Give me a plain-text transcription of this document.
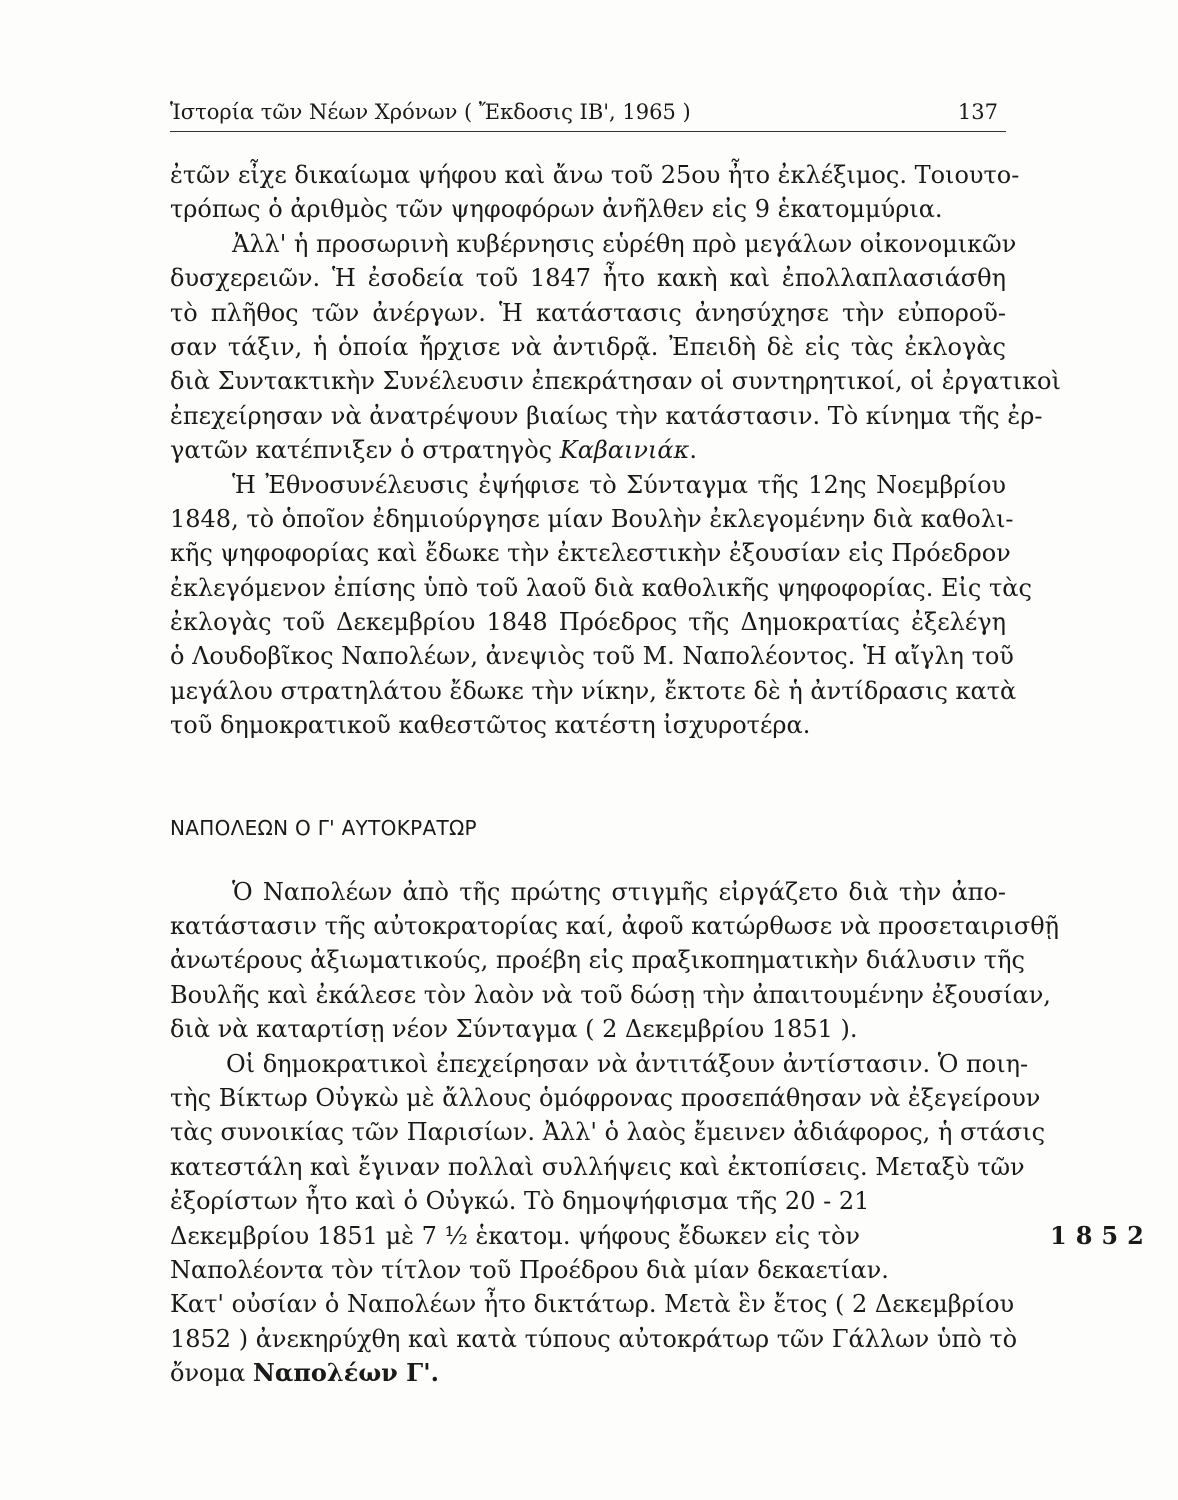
Ἱστορία τῶν Νέων Χρόνων ( Ἔκδοσις ΙΒ', 1965 )	137
ἐτῶν εἶχε δικαίωμα ψήφου καὶ ἄνω τοῦ 25ου ἦτο ἐκλέξιμος. Τοιουτο-
τρόπως ὁ ἀριθμὸς τῶν ψηφοφόρων ἀνῆλθεν εἰς 9 ἑκατομμύρια.
Ἀλλ' ἡ προσωρινὴ κυβέρνησις εὑρέθη πρὸ μεγάλων οἰκονομικῶν
δυσχερειῶν. Ἡ ἐσοδεία τοῦ 1847 ἦτο κακὴ καὶ ἐπολλαπλασιάσθη
τὸ πλῆθος τῶν ἀνέργων. Ἡ κατάστασις ἀνησύχησε τὴν εὐποροῦ-
σαν τάξιν, ἡ ὁποία ἤρχισε νὰ ἀντιδρᾷ. Ἐπειδὴ δὲ εἰς τὰς ἐκλογὰς
διὰ Συντακτικὴν Συνέλευσιν ἐπεκράτησαν οἱ συντηρητικοί, οἱ ἐργατικοὶ
ἐπεχείρησαν νὰ ἀνατρέψουν βιαίως τὴν κατάστασιν. Τὸ κίνημα τῆς ἐρ-
γατῶν κατέπνιξεν ὁ στρατηγὸς Καβαινιάκ.
Ἡ Ἐθνοσυνέλευσις ἐψήφισε τὸ Σύνταγμα τῆς 12ης Νοεμβρίου
1848, τὸ ὁποῖον ἐδημιούργησε μίαν Βουλὴν ἐκλεγομένην διὰ καθολι-
κῆς ψηφοφορίας καὶ ἔδωκε τὴν ἐκτελεστικὴν ἐξουσίαν εἰς Πρόεδρον
ἐκλεγόμενον ἐπίσης ὑπὸ τοῦ λαοῦ διὰ καθολικῆς ψηφοφορίας. Εἰς τὰς
ἐκλογὰς τοῦ Δεκεμβρίου 1848 Πρόεδρος τῆς Δημοκρατίας ἐξελέγη
ὁ Λουδοβῖκος Ναπολέων, ἀνεψιὸς τοῦ Μ. Ναπολέοντος. Ἡ αἴγλη τοῦ
μεγάλου στρατηλάτου ἔδωκε τὴν νίκην, ἔκτοτε δὲ ἡ ἀντίδρασις κατὰ
τοῦ δημοκρατικοῦ καθεστῶτος κατέστη ἰσχυροτέρα.
ΝΑΠΟΛΕΩΝ Ο Γ' ΑΥΤΟΚΡΑΤΩΡ
Ὁ Ναπολέων ἀπὸ τῆς πρώτης στιγμῆς εἰργάζετο διὰ τὴν ἀπο-
κατάστασιν τῆς αὐτοκρατορίας καί, ἀφοῦ κατώρθωσε νὰ προσεταιρισθῇ
ἀνωτέρους ἀξιωματικούς, προέβη εἰς πραξικοπηματικὴν διάλυσιν τῆς
Βουλῆς καὶ ἐκάλεσε τὸν λαὸν νὰ τοῦ δώσῃ τὴν ἀπαιτουμένην ἐξουσίαν,
διὰ νὰ καταρτίσῃ νέον Σύνταγμα ( 2 Δεκεμβρίου 1851 ).
Οἱ δημοκρατικοὶ ἐπεχείρησαν νὰ ἀντιτάξουν ἀντίστασιν. Ὁ ποιη-
τὴς Βίκτωρ Οὐγκὼ μὲ ἄλλους ὁμόφρονας προσεπάθησαν νὰ ἐξεγείρουν
τὰς συνοικίας τῶν Παρισίων. Ἀλλ' ὁ λαὸς ἔμεινεν ἀδιάφορος, ἡ στάσις
κατεστάλη καὶ ἔγιναν πολλαὶ συλλήψεις καὶ ἐκτοπίσεις. Μεταξὺ τῶν
ἐξορίστων ἦτο καὶ ὁ Οὐγκώ. Τὸ δημοψήφισμα τῆς 20 - 21
Δεκεμβρίου 1851 μὲ 7 ½ ἑκατομ. ψήφους ἔδωκεν εἰς τὸν	1852
Ναπολέοντα τὸν τίτλον τοῦ Προέδρου διὰ μίαν δεκαετίαν.
Κατ' οὐσίαν ὁ Ναπολέων ἦτο δικτάτωρ. Μετὰ ἓν ἔτος ( 2 Δεκεμβρίου
1852 ) ἀνεκηρύχθη καὶ κατὰ τύπους αὐτοκράτωρ τῶν Γάλλων ὑπὸ τὸ
ὄνομα Ναπολέων Γ'.
